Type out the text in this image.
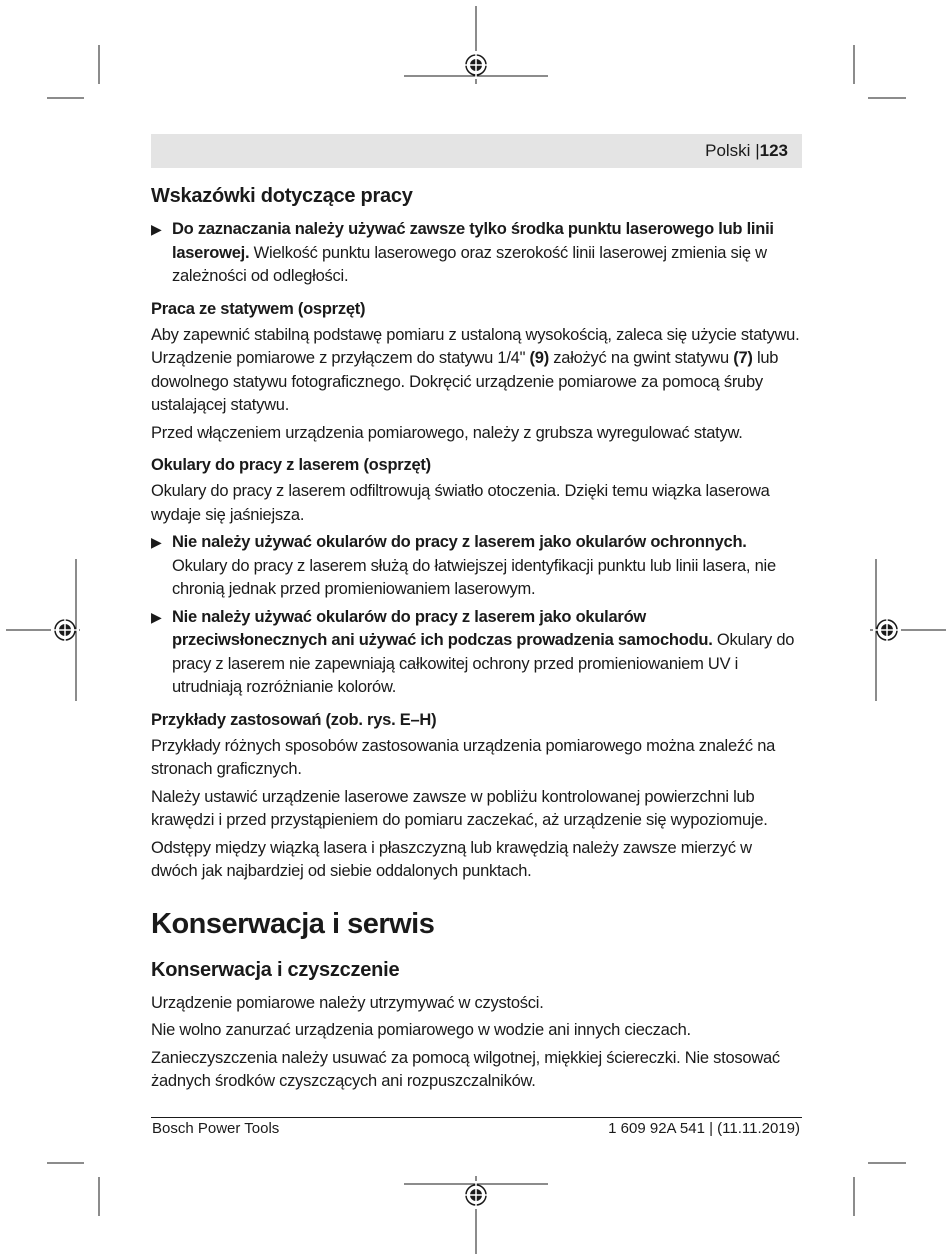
Polski |123
Wskazówki dotyczące pracy
▶ Do zaznaczania należy używać zawsze tylko środka punktu laserowego lub linii laserowej. Wielkość punktu laserowego oraz szerokość linii laserowej zmienia się w zależności od odległości.
Praca ze statywem (osprzęt)

Aby zapewnić stabilną podstawę pomiaru z ustaloną wysokością, zaleca się użycie statywu. Urządzenie pomiarowe z przyłączem do statywu 1/4" (9) założyć na gwint statywu (7) lub dowolnego statywu fotograficznego. Dokręcić urządzenie pomiarowe za pomocą śruby ustalającej statywu.

Przed włączeniem urządzenia pomiarowego, należy z grubsza wyregulować statyw.

Okulary do pracy z laserem (osprzęt)

Okulary do pracy z laserem odfiltrowują światło otoczenia. Dzięki temu wiązka laserowa wydaje się jaśniejsza.

▶ Nie należy używać okularów do pracy z laserem jako okularów ochronnych. Okulary do pracy z laserem służą do łatwiejszej identyfikacji punktu lub linii lasera, nie chronią jednak przed promieniowaniem laserowym.
▶ Nie należy używać okularów do pracy z laserem jako okularów przeciwsłonecznych ani używać ich podczas prowadzenia samochodu. Okulary do pracy z laserem nie zapewniają całkowitej ochrony przed promieniowaniem UV i utrudniają rozróżnianie kolorów.
Przykłady zastosowań (zob. rys. E–H)

Przykłady różnych sposobów zastosowania urządzenia pomiarowego można znaleźć na stronach graficznych.

Należy ustawić urządzenie laserowe zawsze w pobliżu kontrolowanej powierzchni lub krawędzi i przed przystąpieniem do pomiaru zaczekać, aż urządzenie się wypoziomuje.

Odstępy między wiązką lasera i płaszczyzną lub krawędzią należy zawsze mierzyć w dwóch jak najbardziej od siebie oddalonych punktach.

Konserwacja i serwis
Konserwacja i czyszczenie

Urządzenie pomiarowe należy utrzymywać w czystości.

Nie wolno zanurzać urządzenia pomiarowego w wodzie ani innych cieczach.

Zanieczyszczenia należy usuwać za pomocą wilgotnej, miękkiej ściereczki. Nie stosować żadnych środków czyszczących ani rozpuszczalników.

Bosch Power Tools	1 609 92A 541 | (11.11.2019)
